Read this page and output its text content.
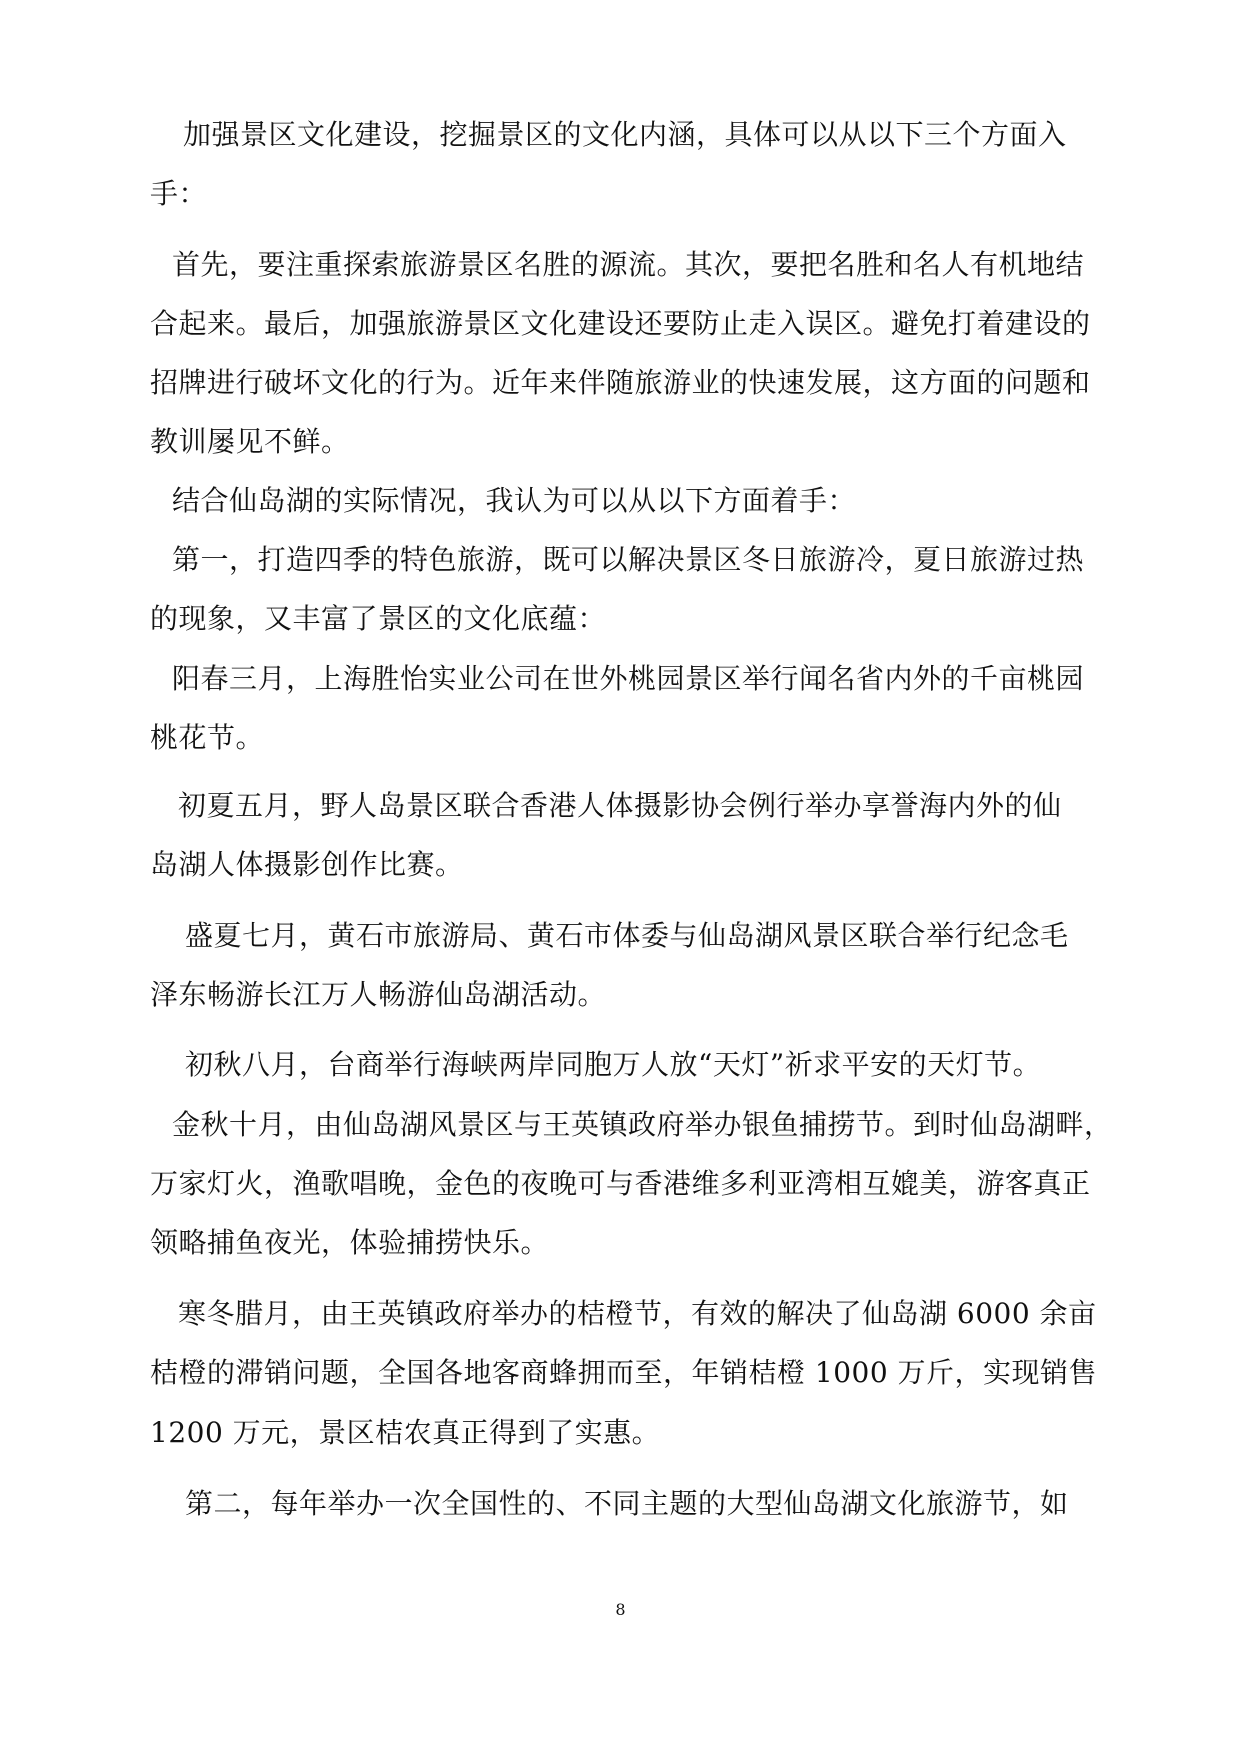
加强景区文化建设，挖掘景区的文化内涵，具体可以从以下三个方面入
手：
首先，要注重探索旅游景区名胜的源流。其次，要把名胜和名人有机地结
合起来。最后，加强旅游景区文化建设还要防止走入误区。避免打着建设的
招牌进行破坏文化的行为。近年来伴随旅游业的快速发展，这方面的问题和
教训屡见不鲜。
结合仙岛湖的实际情况，我认为可以从以下方面着手：
第一，打造四季的特色旅游，既可以解决景区冬日旅游冷，夏日旅游过热
的现象，又丰富了景区的文化底蕴：
阳春三月，上海胜怡实业公司在世外桃园景区举行闻名省内外的千亩桃园
桃花节。
初夏五月，野人岛景区联合香港人体摄影协会例行举办享誉海内外的仙
岛湖人体摄影创作比赛。
盛夏七月，黄石市旅游局、黄石市体委与仙岛湖风景区联合举行纪念毛
泽东畅游长江万人畅游仙岛湖活动。
初秋八月，台商举行海峡两岸同胞万人放“天灯”祈求平安的天灯节。
金秋十月，由仙岛湖风景区与王英镇政府举办银鱼捕捞节。到时仙岛湖畔，
万家灯火，渔歌唱晚，金色的夜晚可与香港维多利亚湾相互媲美，游客真正
领略捕鱼夜光，体验捕捞快乐。
寒冬腊月，由王英镇政府举办的桔橙节，有效的解决了仙岛湖 6000 余亩
桔橙的滞销问题，全国各地客商蜂拥而至，年销桔橙 1000 万斤，实现销售
1200 万元，景区桔农真正得到了实惠。
第二，每年举办一次全国性的、不同主题的大型仙岛湖文化旅游节，如
8
